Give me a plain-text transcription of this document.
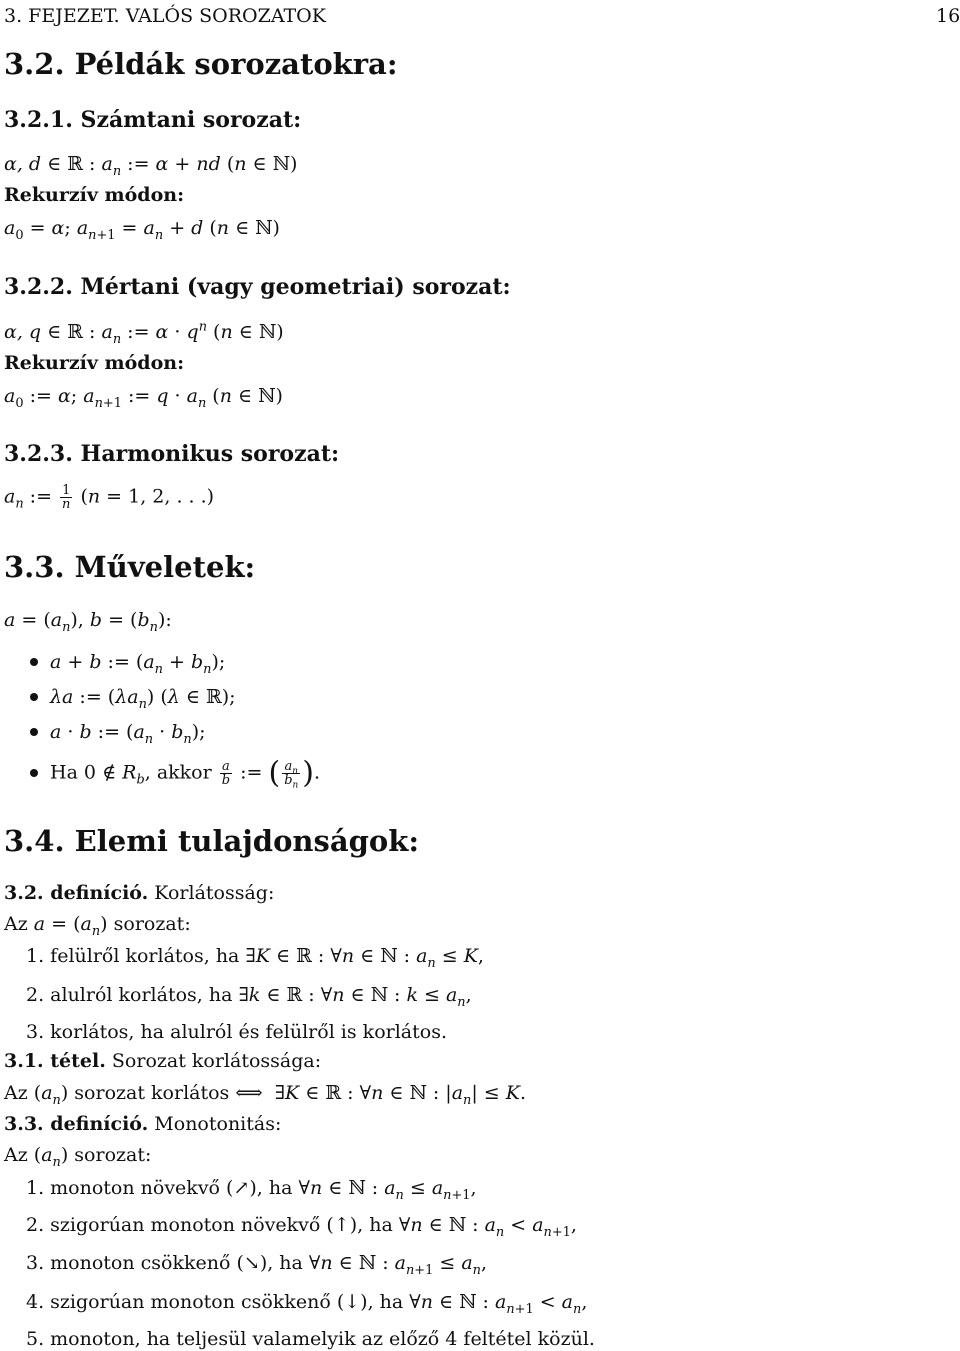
3. FEJEZET. VALÓS SOROZATOK	16
3.2. Példák sorozatokra:
3.2.1. Számtani sorozat:
α, d ∈ ℝ : $a_n$ := α + nd (n ∈ ℕ)
Rekurzív módon:
$a_0 = \alpha$; $a_{n+1} = a_n + d$ (n ∈ ℕ)
3.2.2. Mértani (vagy geometriai) sorozat:
α, q ∈ ℝ : $a_n$ := $\alpha \cdot q^n$ (n ∈ ℕ)
Rekurzív módon:
$a_0$ := α; $a_{n+1}$ := $q \cdot a_n$ (n ∈ ℕ)
3.2.3. Harmonikus sorozat:
$a_n$ := $\frac{1}{n} (n = 1$, 2, . . .)
3.3. Műveletek:
$a = (a_n)$, $b = (b_n)$:
a + b := $(a_n + b_n)$;
λa := $(\lambda a_n)$ (λ ∈ ℝ);
a · b := $(a_n \cdot b_n)$;
Ha 0 ∉ $R_b$, akkor $\frac{a}{b}$ := ( $\frac{a_n}{b_n}$ ).
3.4. Elemi tulajdonságok:
3.2. definíció. Korlátosság:
Az $a = (a_n)$ sorozat:
1. felülről korlátos, ha ∃K ∈ ℝ : ∀n ∈ ℕ : $a_n \le K$,
2. alulról korlátos, ha ∃k ∈ ℝ : ∀n ∈ ℕ : $k \le a_n$,
3. korlátos, ha alulról és felülről is korlátos.
3.1. tétel. Sorozat korlátossága:
Az $(a_n)$ sorozat korlátos ⟺  ∃K ∈ ℝ : ∀n ∈ ℕ : $|a_n| \le K$.
3.3. definíció. Monotonitás:
Az $(a_n)$ sorozat:
1. monoton növekvő (↗), ha ∀n ∈ ℕ : $a_n \le a_{n+1}$,
2. szigorúan monoton növekvő (↑), ha ∀n ∈ ℕ : $a_n < a_{n+1}$,
3. monoton csökkenő (↘), ha ∀n ∈ ℕ : $a_{n+1} \le a_n$,
4. szigorúan monoton csökkenő (↓), ha ∀n ∈ ℕ : $a_{n+1} < a_n$,
5. monoton, ha teljesül valamelyik az előző 4 feltétel közül.
